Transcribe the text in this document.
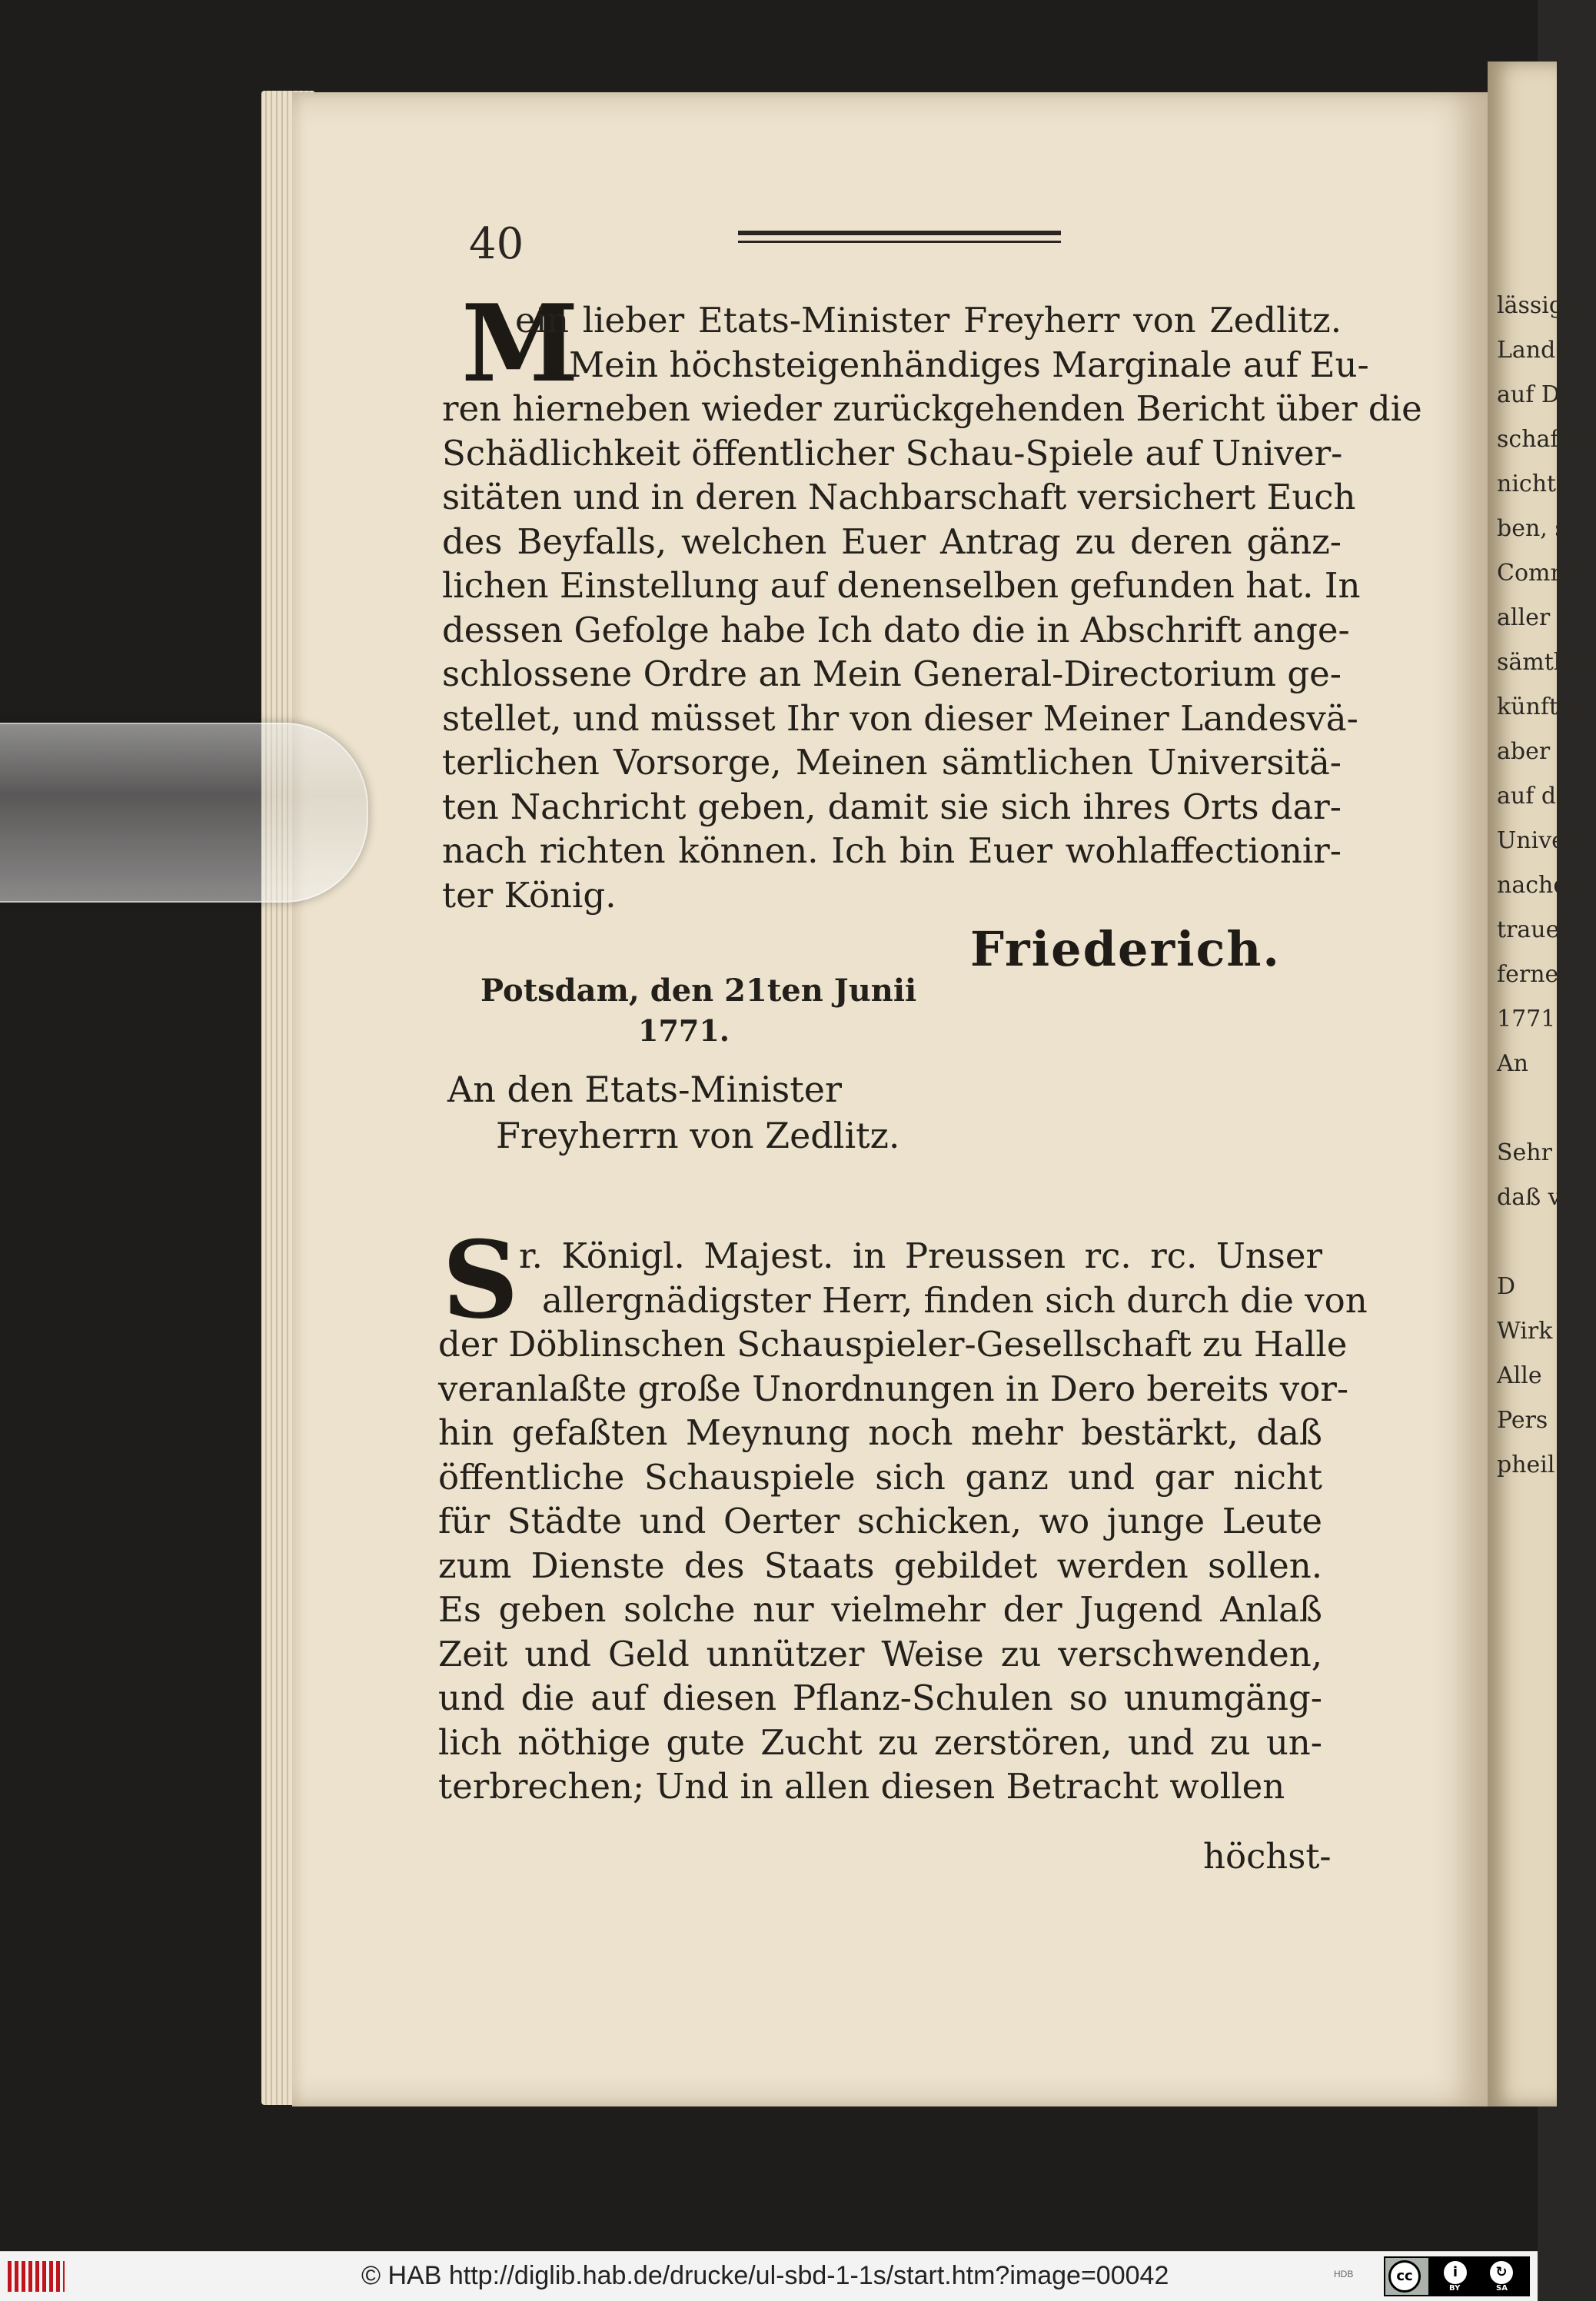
lässige
Landes
auf De
schaft w
nicht,
ben, s
Commi
aller V
sämtlich
künftig
aber c
auf di
Univer
nachdr
trauen
ferner
1771.
An
Sehr
daß vo
D
Wirk
Alle
Pers
pheil
40
M
ein lieber Etats-Minister Freyherr von Zedlitz.
Mein höchsteigenhändiges Marginale auf Eu-
ren hierneben wieder zurückgehenden Bericht über die
Schädlichkeit öffentlicher Schau-Spiele auf Univer-
sitäten und in deren Nachbarschaft versichert Euch
des Beyfalls, welchen Euer Antrag zu deren gänz-
lichen Einstellung auf denenselben gefunden hat. In
dessen Gefolge habe Ich dato die in Abschrift ange-
schlossene Ordre an Mein General-Directorium ge-
stellet, und müsset Ihr von dieser Meiner Landesvä-
terlichen Vorsorge, Meinen sämtlichen Universitä-
ten Nachricht geben, damit sie sich ihres Orts dar-
nach richten können. Ich bin Euer wohlaffectionir-
ter König.
Friederich.
Potsdam, den 21ten Junii
1771.
An den Etats-Minister
Freyherrn von Zedlitz.
S r. Königl. Majest. in Preussen rc. rc. Unser
allergnädigster Herr, finden sich durch die von
der Döblinschen Schauspieler-Gesellschaft zu Halle
veranlaßte große Unordnungen in Dero bereits vor-
hin gefaßten Meynung noch mehr bestärkt, daß
öffentliche Schauspiele sich ganz und gar nicht
für Städte und Oerter schicken, wo junge Leute
zum Dienste des Staats gebildet werden sollen.
Es geben solche nur vielmehr der Jugend Anlaß
Zeit und Geld unnützer Weise zu verschwenden,
und die auf diesen Pflanz-Schulen so unumgäng-
lich nöthige gute Zucht zu zerstören, und zu un-
terbrechen; Und in allen diesen Betracht wollen
höchst-
© HAB http://diglib.hab.de/drucke/ul-sbd-1-1s/start.htm?image=00042	HDB	cc	i
BY
↻
SA
